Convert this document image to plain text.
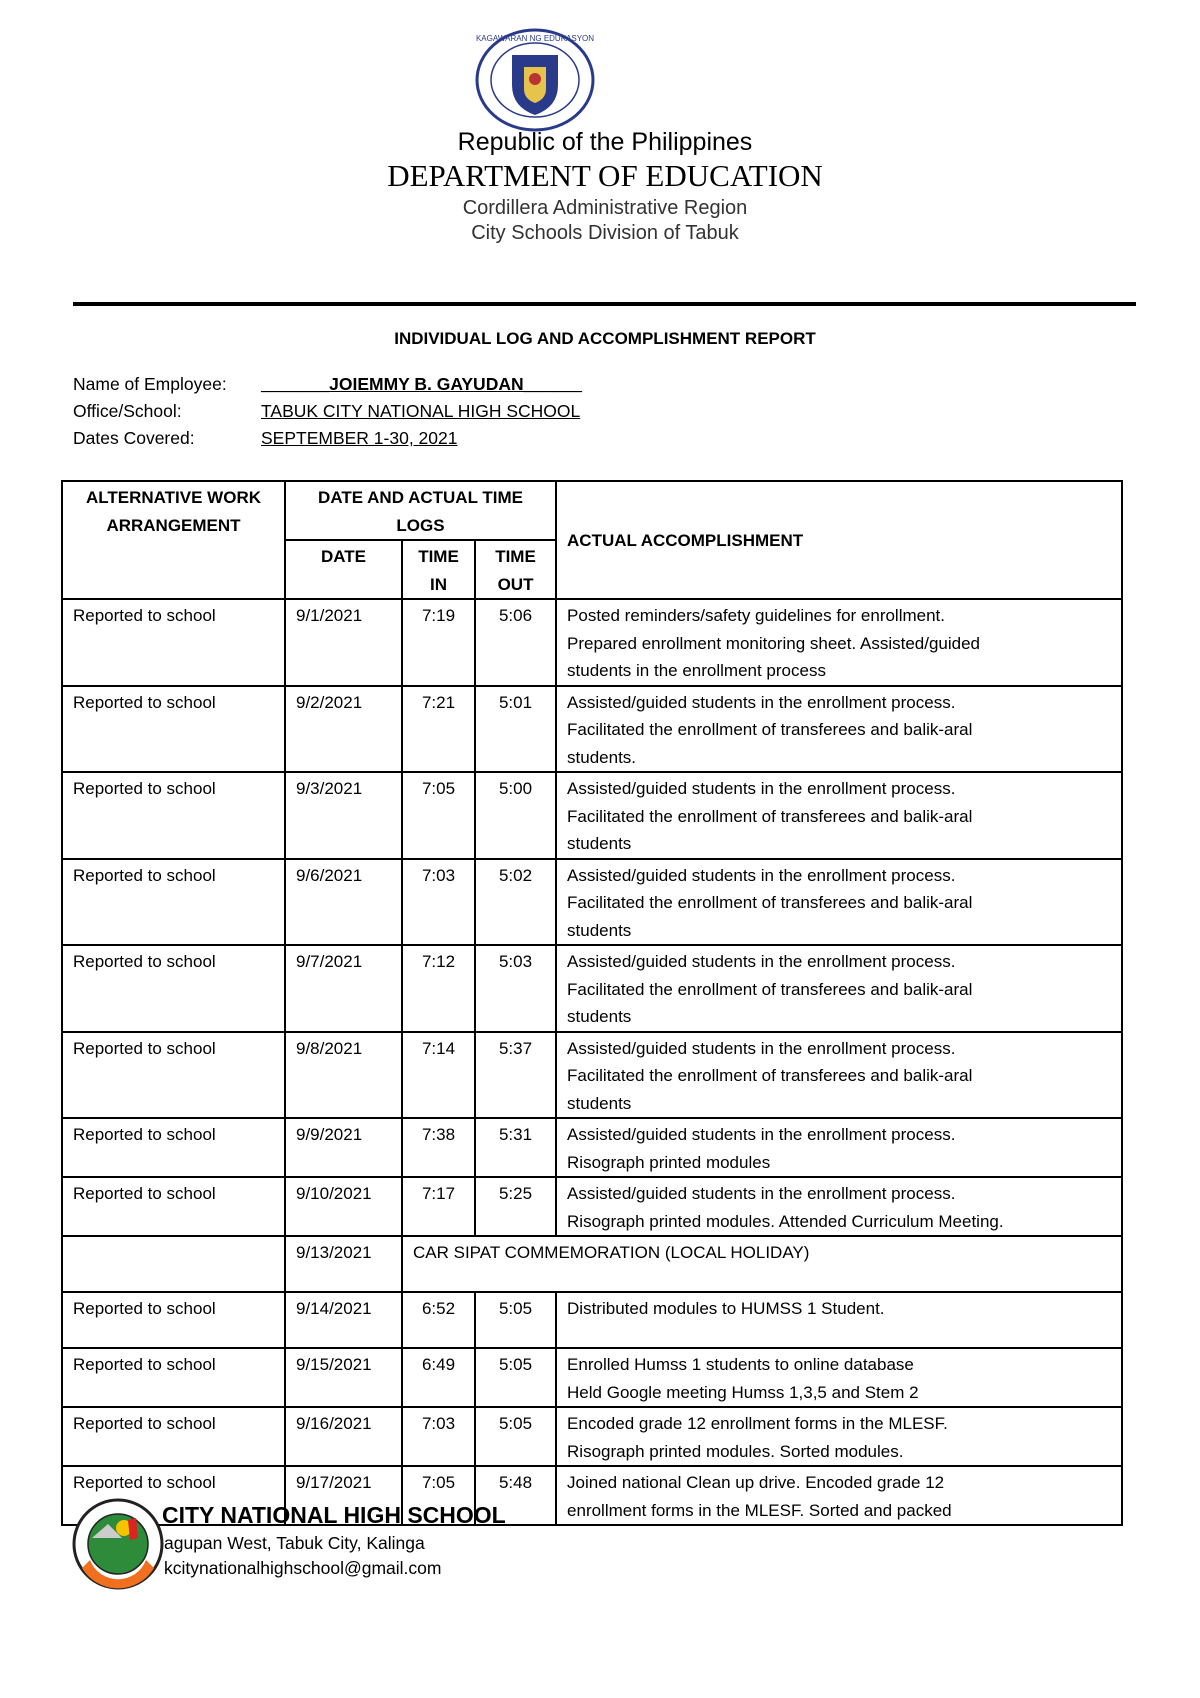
KAGAWARAN NG EDUKASYON
Republic of the Philippines
DEPARTMENT OF EDUCATION
Cordillera Administrative Region
City Schools Division of Tabuk
INDIVIDUAL LOG AND ACCOMPLISHMENT REPORT
Name of Employee: _______JOIEMMY B. GAYUDAN______
Office/School:	TABUK CITY NATIONAL HIGH SCHOOL
Dates Covered:	SEPTEMBER 1-30, 2021
ALTERNATIVE WORK ARRANGEMENT	DATE AND ACTUAL TIME LOGS			ACTUAL ACCOMPLISHMENT
	DATE	TIME IN	TIME OUT	
Reported to school	9/1/2021	7:19	5:06	Posted reminders/safety guidelines for enrollment.
Prepared enrollment monitoring sheet. Assisted/guided
students in the enrollment process

Reported to school	9/2/2021	7:21	5:01	Assisted/guided students in the enrollment process.
Facilitated the enrollment of transferees and balik-aral
students.

Reported to school	9/3/2021	7:05	5:00	Assisted/guided students in the enrollment process.
Facilitated the enrollment of transferees and balik-aral
students

Reported to school	9/6/2021	7:03	5:02	Assisted/guided students in the enrollment process.
Facilitated the enrollment of transferees and balik-aral
students

Reported to school	9/7/2021	7:12	5:03	Assisted/guided students in the enrollment process.
Facilitated the enrollment of transferees and balik-aral
students

Reported to school	9/8/2021	7:14	5:37	Assisted/guided students in the enrollment process.
Facilitated the enrollment of transferees and balik-aral
students

Reported to school	9/9/2021	7:38	5:31	Assisted/guided students in the enrollment process.
Risograph printed modules

Reported to school	9/10/2021	7:17	5:25	Assisted/guided students in the enrollment process.
Risograph printed modules. Attended Curriculum Meeting.

	9/13/2021	CAR SIPAT COMMEMORATION (LOCAL HOLIDAY)		
Reported to school	9/14/2021	6:52	5:05	Distributed modules to HUMSS 1 Student.

Reported to school	9/15/2021	6:49	5:05	Enrolled Humss 1 students to online database
Held Google meeting Humss 1,3,5 and Stem 2

Reported to school	9/16/2021	7:03	5:05	Encoded grade 12 enrollment forms in the MLESF.
Risograph printed modules. Sorted modules.

Reported to school	9/17/2021	7:05	5:48	Joined national Clean up drive. Encoded grade 12
enrollment forms in the MLESF. Sorted and packed
CITY NATIONAL HIGH SCHOOL
agupan West, Tabuk City, Kalinga
kcitynationalhighschool@gmail.com
